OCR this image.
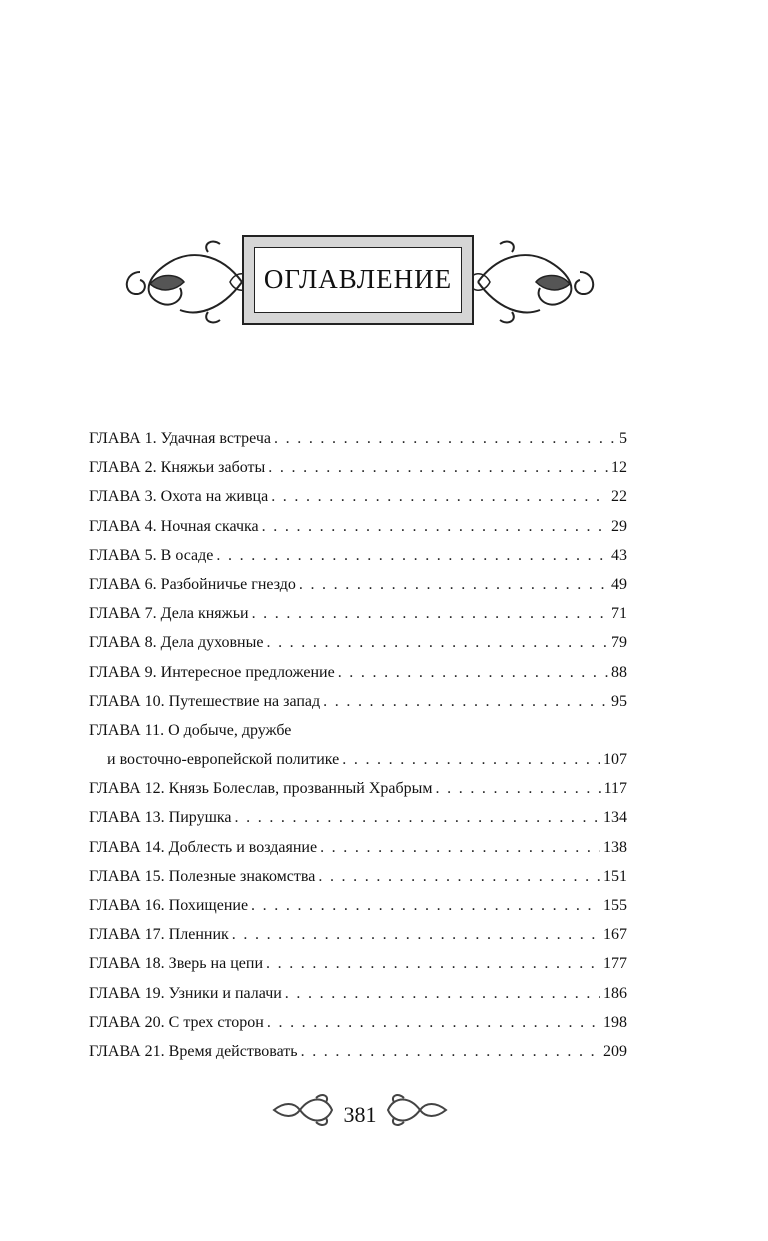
ОГЛАВЛЕНИЕ
ГЛАВА 1. Удачная встреча . . .	5
ГЛАВА 2. Княжьи заботы . . .	12
ГЛАВА 3. Охота на живца . . .	22
ГЛАВА 4. Ночная скачка . . .	29
ГЛАВА 5. В осаде . . .	43
ГЛАВА 6. Разбойничье гнездо . . .	49
ГЛАВА 7. Дела княжьи . . .	71
ГЛАВА 8. Дела духовные . . .	79
ГЛАВА 9. Интересное предложение . . .	88
ГЛАВА 10. Путешествие на запад . . .	95
ГЛАВА 11. О добыче, дружбе
и восточно-европейской политике . . .	107
ГЛАВА 12. Князь Болеслав, прозванный Храбрым . . .	117
ГЛАВА 13. Пирушка . . .	134
ГЛАВА 14. Доблесть и воздаяние . . .	138
ГЛАВА 15. Полезные знакомства . . .	151
ГЛАВА 16. Похищение . . .	155
ГЛАВА 17. Пленник . . .	167
ГЛАВА 18. Зверь на цепи . . .	177
ГЛАВА 19. Узники и палачи . . .	186
ГЛАВА 20. С трех сторон . . .	198
ГЛАВА 21. Время действовать . . .	209
381
